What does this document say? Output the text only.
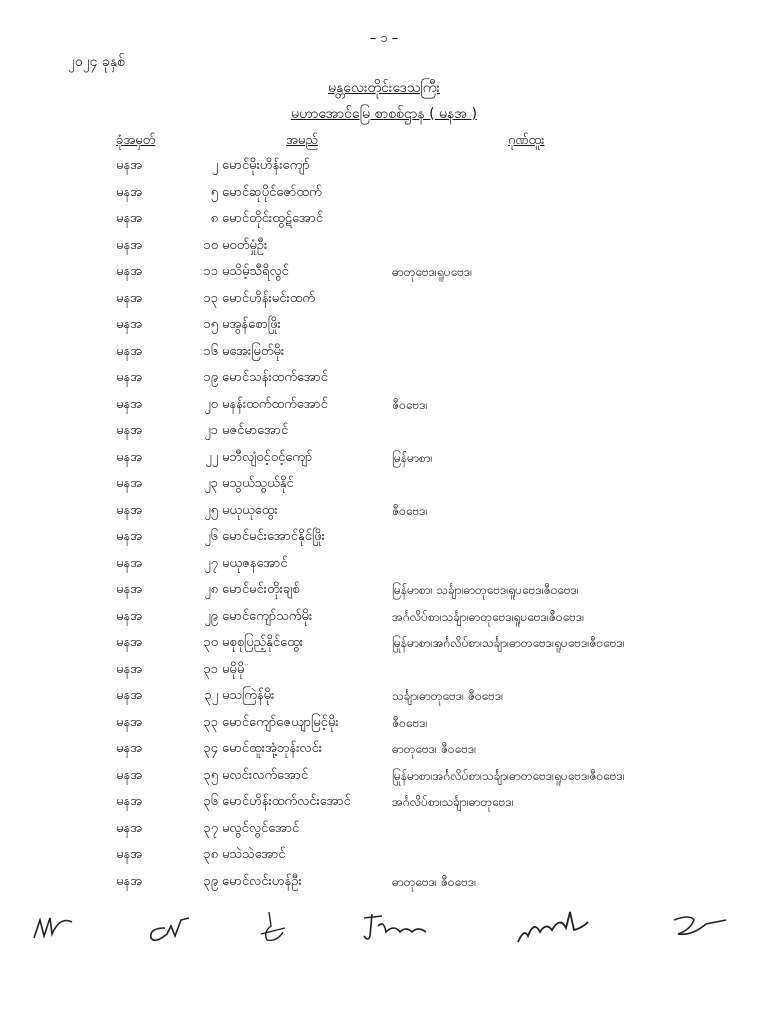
– ၁ –
၂၀၂၄ ခုနှစ်
မန္တလေးတိုင်းဒေသကြီး
မဟာအောင်မြေ စာစစ်ဌာန ( မနအ )
ခုံအမှတ်	အမည်	ဂုဏ်ထူး
မနအ	၂ မောင်မိုးဟိန်းကျော်
မနအ	၅ မောင်ဆုပိုင်ဇော်ထက်
မနအ	၈ မောင်တိုင်းထွဋ်အောင်
မနအ	၁၀ မဝတ်မှုံဦး
မနအ	၁၁ မသိမ့်သီရိလွင်	ဓာတုဗေဒ၊ရူပဗေဒ၊
မနအ	၁၃ မောင်ဟိန်းမင်းထက်
မနအ	၁၅ မအွန်စောဖြိုး
မနအ	၁၆ မအေးမြတ်မိုး
မနအ	၁၉ မောင်သန်းထက်အောင်
မနအ	၂၀ မနန်းထက်ထက်အောင်	ဇီဝဗေဒ၊
မနအ	၂၁ မဇင်မာအောင်
မနအ	၂၂ မဘီလျံဝင့်ဝင့်ကျော်	မြန်မာစာ၊
မနအ	၂၃ မသွယ်သွယ်နိုင်
မနအ	၂၅ မယုယုထွေး	ဇီဝဗေဒ၊
မနအ	၂၆ မောင်မင်းအောင်နိုင်ဖြိုး
မနအ	၂၇ မယုဇနအောင်
မနအ	၂၈ မောင်မင်းတိုးချစ်	မြန်မာစာ၊ သင်္ချာ၊ဓာတုဗေဒ၊ရူပဗေဒ၊ဇီဝဗေဒ၊
မနအ	၂၉ မောင်ကျော်သက်မိုး	အင်္ဂလိပ်စာ၊သင်္ချာ၊ဓာတုဗေဒ၊ရူပဗေဒ၊ဇီဝဗေဒ၊
မနအ	၃၀ မစုစုပြည့်နိုင်ထွေး	မြန်မာစာ၊အင်္ဂလိပ်စာ၊သင်္ချာ၊ဓာတုဗေဒ၊ရူပဗေဒ၊ဇီဝဗေဒ၊
မနအ	၃၁ မမိုမို
မနအ	၃၂ မသကြဲန်မိုး	သင်္ချာ၊ဓာတုဗေဒ၊ ဇီဝဗေဒ၊
မနအ	၃၃ မောင်ကျော်ဇေယျာမြင့်မိုး	ဇီဝဗေဒ၊
မနအ	၃၄ မောင်ထူးအုံ့ဘုန်းလင်း	ဓာတုဗေဒ၊ ဇီဝဗေဒ၊
မနအ	၃၅ မလင်းလက်အောင်	မြန်မာစာ၊အင်္ဂလိပ်စာ၊သင်္ချာ၊ဓာတုဗေဒ၊ရူပဗေဒ၊ဇီဝဗေဒ၊
မနအ	၃၆ မောင်ဟိန်းထက်လင်းအောင်	အင်္ဂလိပ်စာ၊သင်္ချာ၊ဓာတုဗေဒ၊
မနအ	၃၇ မလွင်လွင်အောင်
မနအ	၃၈ မသဲသဲအောင်
မနအ	၃၉ မောင်လင်းဟန်ဦး	ဓာတုဗေဒ၊ ဇီဝဗေဒ၊
